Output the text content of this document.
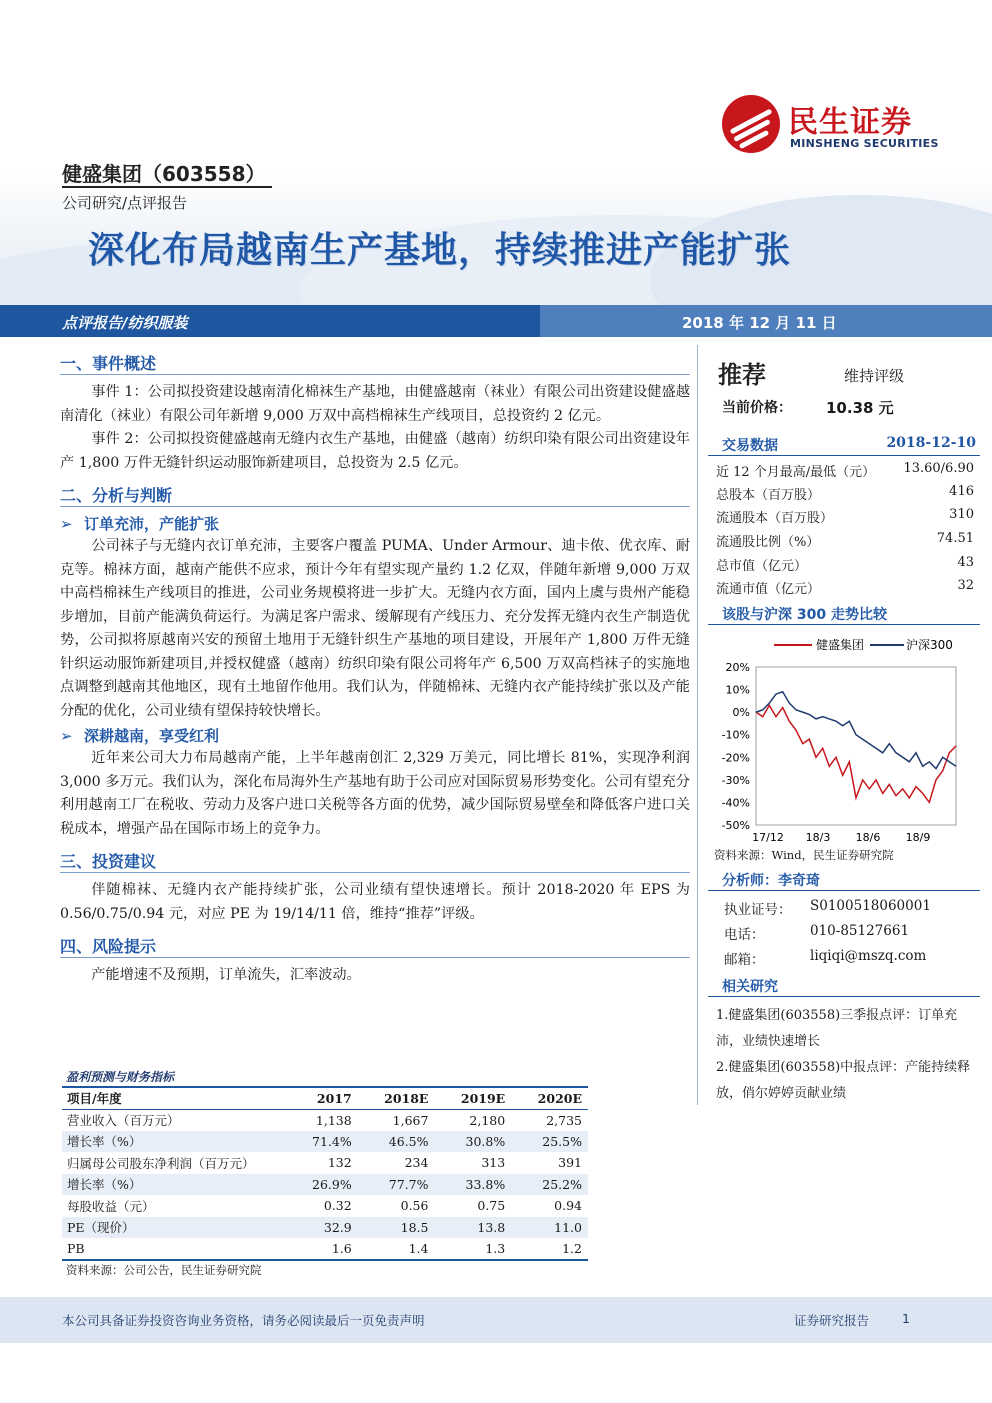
民生证券
MINSHENG SECURITIES
健盛集团（603558）
公司研究/点评报告
深化布局越南生产基地，持续推进产能扩张
点评报告/纺织服装	2018 年 12 月 11 日
一、事件概述

事件 1：公司拟投资建设越南清化棉袜生产基地，由健盛越南（袜业）有限公司出资建设健盛越南清化（袜业）有限公司年新增 9,000 万双中高档棉袜生产线项目，总投资约 2 亿元。

事件 2：公司拟投资健盛越南无缝内衣生产基地，由健盛（越南）纺织印染有限公司出资建设年产 1,800 万件无缝针织运动服饰新建项目，总投资为 2.5 亿元。

二、分析与判断
➢ 订单充沛，产能扩张

公司袜子与无缝内衣订单充沛，主要客户覆盖 PUMA、Under Armour、迪卡侬、优衣库、耐克等。棉袜方面，越南产能供不应求，预计今年有望实现产量约 1.2 亿双，伴随年新增 9,000 万双中高档棉袜生产线项目的推进，公司业务规模将进一步扩大。无缝内衣方面，国内上虞与贵州产能稳步增加，目前产能满负荷运行。为满足客户需求、缓解现有产线压力、充分发挥无缝内衣生产制造优势，公司拟将原越南兴安的预留土地用于无缝针织生产基地的项目建设，开展年产 1,800 万件无缝针织运动服饰新建项目,并授权健盛（越南）纺织印染有限公司将年产 6,500 万双高档袜子的实施地点调整到越南其他地区，现有土地留作他用。我们认为，伴随棉袜、无缝内衣产能持续扩张以及产能分配的优化，公司业绩有望保持较快增长。

➢ 深耕越南，享受红利

近年来公司大力布局越南产能，上半年越南创汇 2,329 万美元，同比增长 81%，实现净利润 3,000 多万元。我们认为，深化布局海外生产基地有助于公司应对国际贸易形势变化。公司有望充分利用越南工厂在税收、劳动力及客户进口关税等各方面的优势，减少国际贸易壁垒和降低客户进口关税成本，增强产品在国际市场上的竞争力。

三、投资建议

伴随棉袜、无缝内衣产能持续扩张，公司业绩有望快速增长。预计 2018-2020 年 EPS 为 0.56/0.75/0.94 元，对应 PE 为 19/14/11 倍，维持“推荐”评级。

四、风险提示

产能增速不及预期，订单流失，汇率波动。

盈利预测与财务指标
项目/年度	2017	2018E	2019E	2020E
营业收入（百万元）	1,138	1,667	2,180	2,735
增长率（%）	71.4%	46.5%	30.8%	25.5%
归属母公司股东净利润（百万元）	132	234	313	391
增长率（%）	26.9%	77.7%	33.8%	25.2%
每股收益（元）	0.32	0.56	0.75	0.94
PE（现价）	32.9	18.5	13.8	11.0
PB	1.6	1.4	1.3	1.2
资料来源：公司公告，民生证券研究院
推荐	维持评级
当前价格： 10.38 元
交易数据	2018-12-10
近 12 个月最高/最低（元） 13.60/6.90
总股本（百万股）	416
流通股本（百万股）	310
流通股比例（%）	74.51
总市值（亿元）	43
流通市值（亿元）	32
该股与沪深 300 走势比较
健盛集团	沪深300
20%
10%
0%
-10%
-20%
-30%
-40%
-50%
17/12 18/3 18/6 18/9
资料来源：Wind，民生证券研究院
分析师：李奇琦
执业证号： S0100518060001
电话：	010-85127661
邮箱：	liqiqi@mszq.com
相关研究
1.健盛集团(603558)三季报点评：订单充沛，业绩快速增长
2.健盛集团(603558)中报点评：产能持续释放，俏尔婷婷贡献业绩
本公司具备证券投资咨询业务资格，请务必阅读最后一页免责声明	证券研究报告	1
